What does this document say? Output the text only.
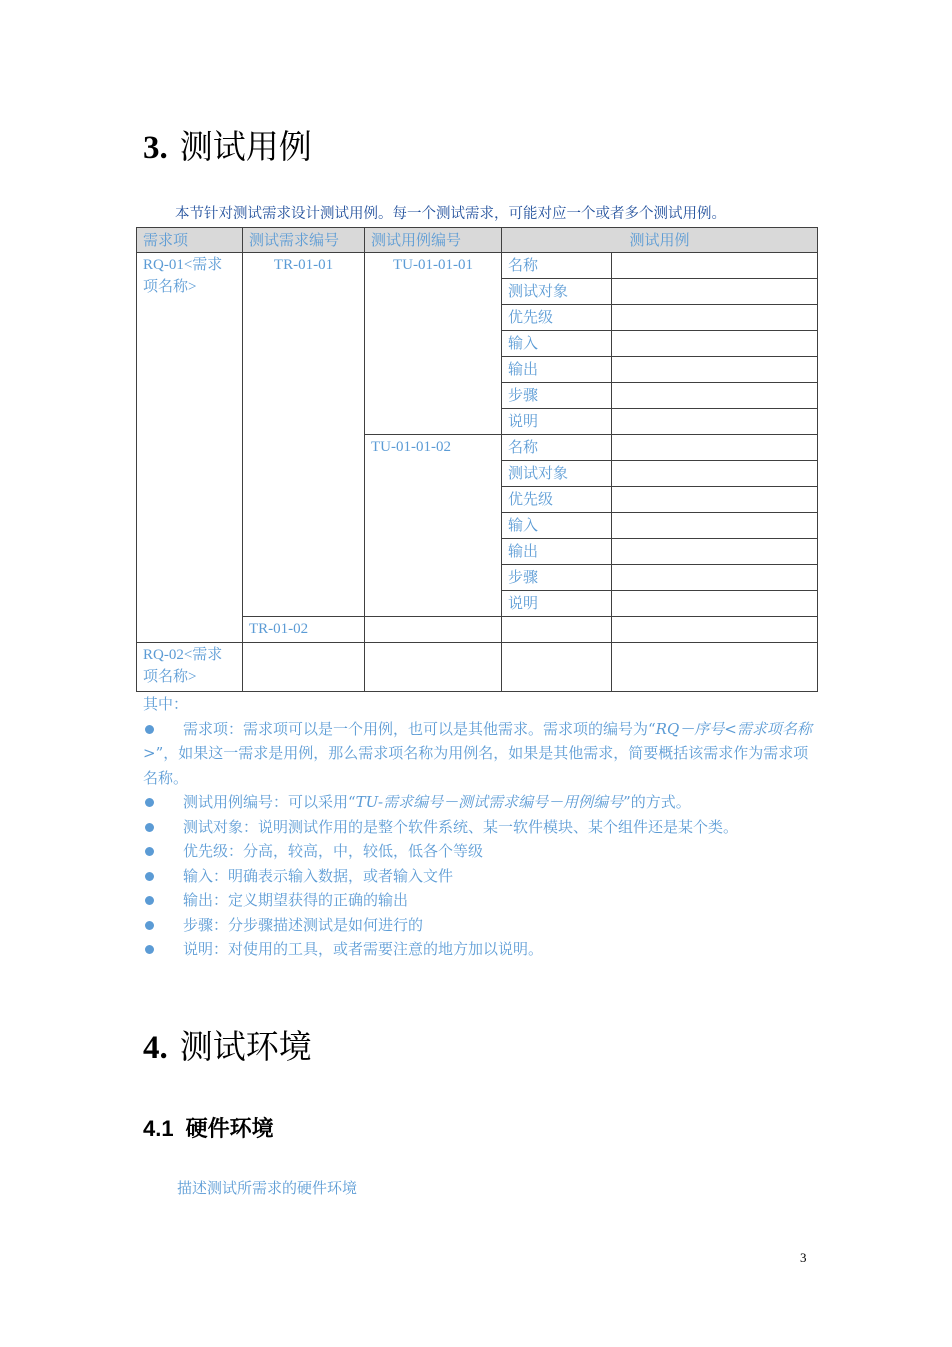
3. 测试用例
本节针对测试需求设计测试用例。每一个测试需求，可能对应一个或者多个测试用例。
需求项	测试需求编号	测试用例编号	测试用例	
RQ-01<需求项名称>	TR-01-01	TU-01-01-01	名称	
			测试对象	
			优先级	
			输入	
			输出	
			步骤	
			说明	
		TU-01-01-02	名称	
			测试对象	
			优先级	
			输入	
			输出	
			步骤	
			说明	
	TR-01-02			
RQ-02<需求项名称>				

其中：

需求项：需求项可以是一个用例，也可以是其他需求。需求项的编号为“RQ－序号<需求项名称>”，如果这一需求是用例，那么需求项名称为用例名，如果是其他需求，简要概括该需求作为需求项名称。

测试用例编号：可以采用“TU-需求编号－测试需求编号－用例编号”的方式。

测试对象：说明测试作用的是整个软件系统、某一软件模块、某个组件还是某个类。

优先级：分高，较高，中，较低，低各个等级

输入：明确表示输入数据，或者输入文件

输出：定义期望获得的正确的输出

步骤：分步骤描述测试是如何进行的

说明：对使用的工具，或者需要注意的地方加以说明。

4. 测试环境
4.1 硬件环境
描述测试所需求的硬件环境
3
